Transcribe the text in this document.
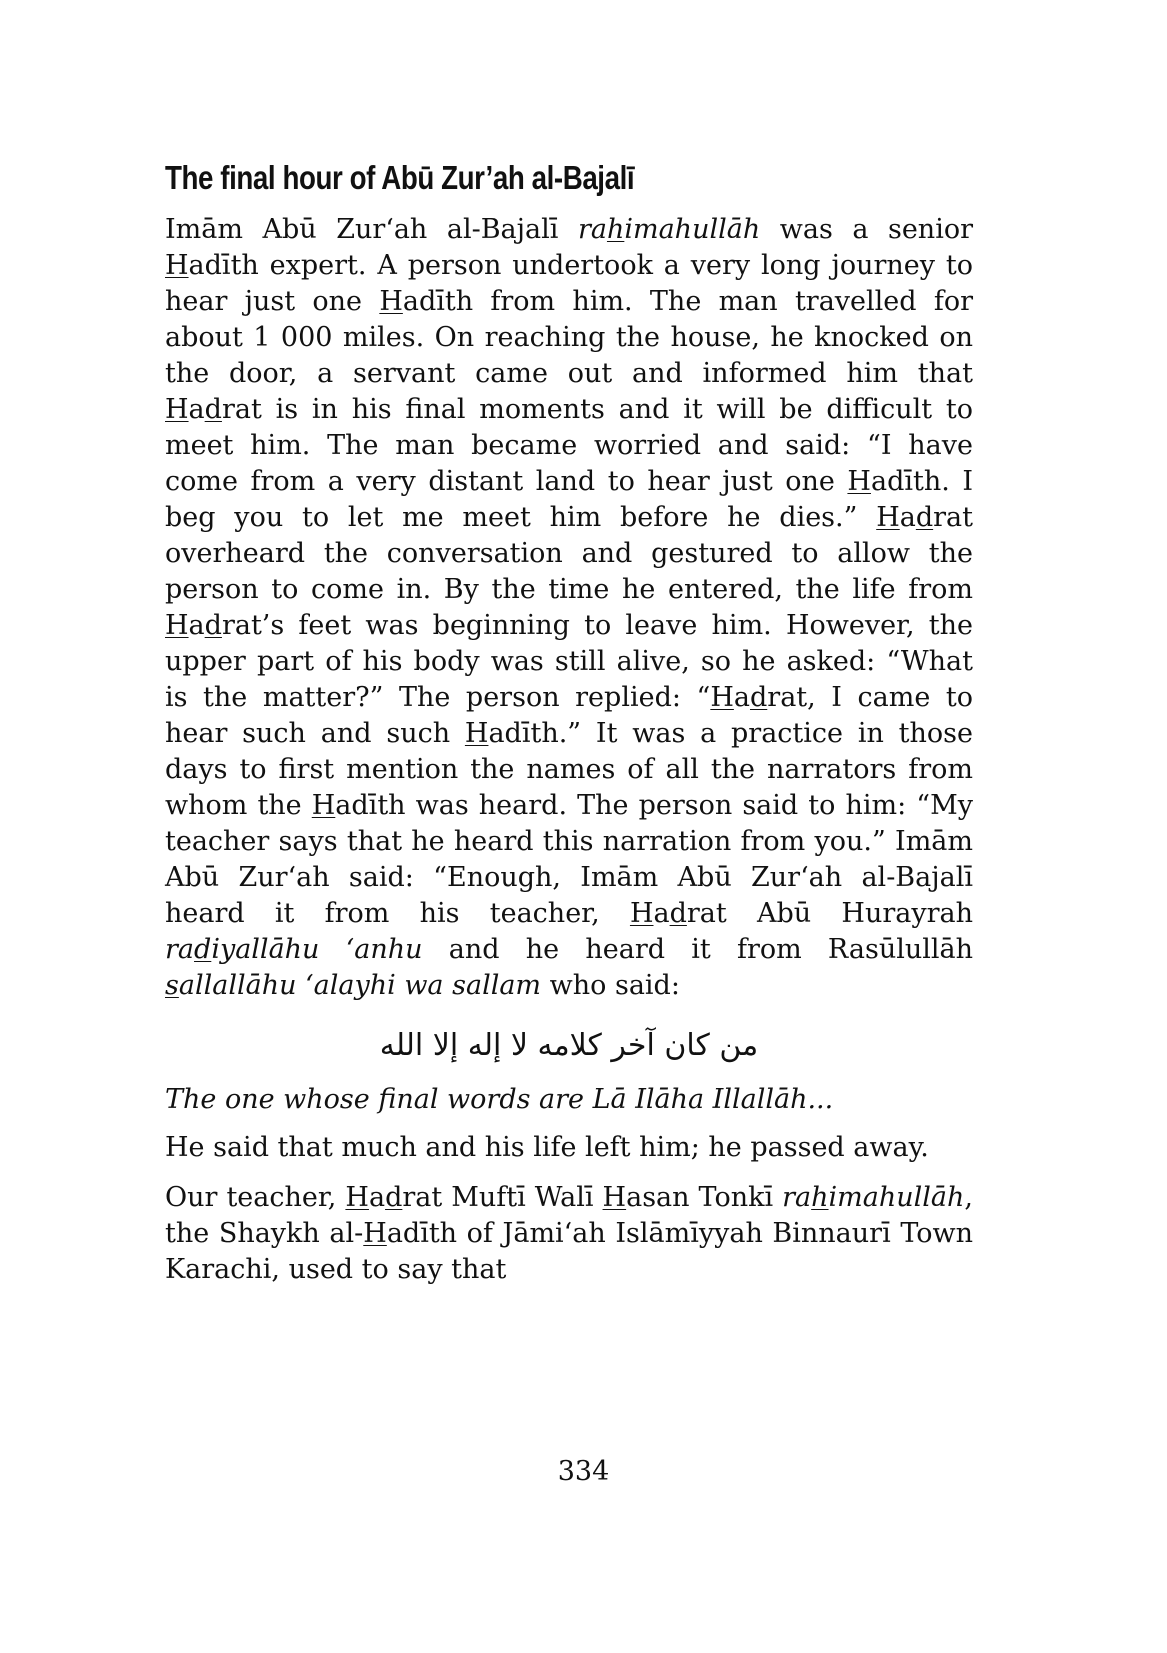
The final hour of Abū Zur’ah al-Bajalī

Imām Abū Zur‘ah al-Bajalī rahimahullāh was a senior Hadīth expert. A person undertook a very long journey to hear just one Hadīth from him. The man travelled for about 1 000 miles. On reaching the house, he knocked on the door, a servant came out and informed him that Hadrat is in his final moments and it will be difficult to meet him. The man became worried and said: “I have come from a very distant land to hear just one Hadīth. I beg you to let me meet him before he dies.” Hadrat overheard the conversation and gestured to allow the person to come in. By the time he entered, the life from Hadrat’s feet was beginning to leave him. However, the upper part of his body was still alive, so he asked: “What is the matter?” The person replied: “Hadrat, I came to hear such and such Hadīth.” It was a practice in those days to first mention the names of all the narrators from whom the Hadīth was heard. The person said to him: “My teacher says that he heard this narration from you.” Imām Abū Zur‘ah said: “Enough, Imām Abū Zur‘ah al-Bajalī heard it from his teacher, Hadrat Abū Hurayrah radiyallāhu ‘anhu and he heard it from Rasūlullāh sallallāhu ‘alayhi wa sallam who said:

من كان آخر كلامه لا إله إلا الله

The one whose final words are Lā Ilāha Illallāh...

He said that much and his life left him; he passed away.

Our teacher, Hadrat Muftī Walī Hasan Tonkī rahimahullāh, the Shaykh al-Hadīth of Jāmi‘ah Islāmīyyah Binnaurī Town Karachi, used to say that

334
